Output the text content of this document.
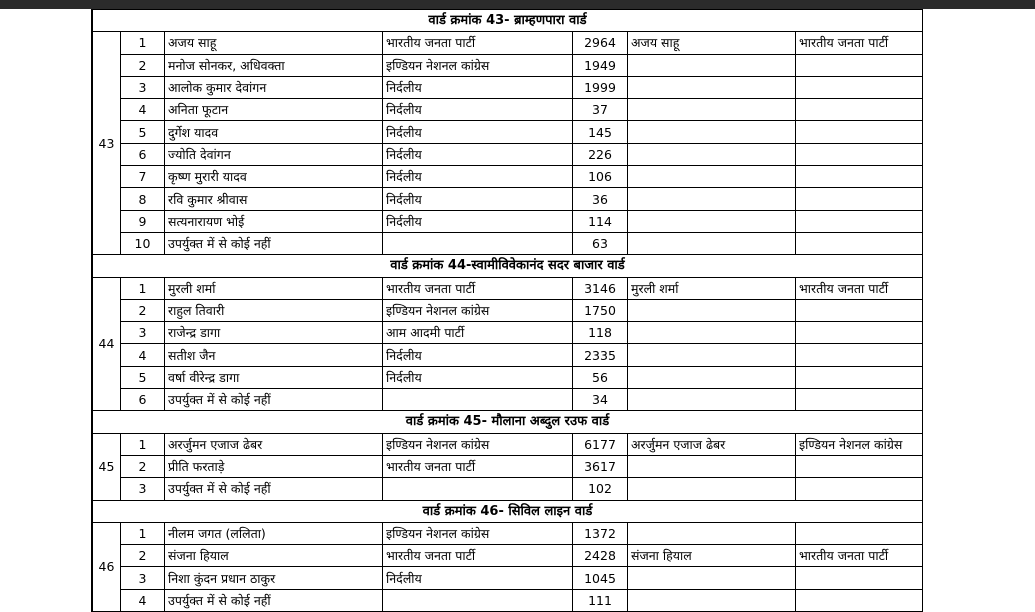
वार्ड क्रमांक 43- ब्राम्हणपारा वार्ड						
43	1	अजय साहू	भारतीय जनता पार्टी	2964	अजय साहू	भारतीय जनता पार्टी
	2	मनोज सोनकर, अधिवक्ता	इण्डियन नेशनल कांग्रेस	1949		
	3	आलोक कुमार देवांगन	निर्दलीय	1999		
	4	अनिता फूटान	निर्दलीय	37		
	5	दुर्गेश यादव	निर्दलीय	145		
	6	ज्योति देवांगन	निर्दलीय	226		
	7	कृष्ण मुरारी यादव	निर्दलीय	106		
	8	रवि कुमार श्रीवास	निर्दलीय	36		
	9	सत्यनारायण भोई	निर्दलीय	114		
	10	उपर्युक्त में से कोई नहीं		63		
वार्ड क्रमांक 44-स्वामीविवेकानंद सदर बाजार वार्ड						
44	1	मुरली शर्मा	भारतीय जनता पार्टी	3146	मुरली शर्मा	भारतीय जनता पार्टी
	2	राहुल तिवारी	इण्डियन नेशनल कांग्रेस	1750		
	3	राजेन्द्र डागा	आम आदमी पार्टी	118		
	4	सतीश जैन	निर्दलीय	2335		
	5	वर्षा वीरेन्द्र डागा	निर्दलीय	56		
	6	उपर्युक्त में से कोई नहीं		34		
वार्ड क्रमांक 45- मौलाना अब्दुल रउफ वार्ड						
45	1	अरर्जुमन एजाज ढेबर	इण्डियन नेशनल कांग्रेस	6177	अरर्जुमन एजाज ढेबर	इण्डियन नेशनल कांग्रेस
	2	प्रीति फरताड़े	भारतीय जनता पार्टी	3617		
	3	उपर्युक्त में से कोई नहीं		102		
वार्ड क्रमांक 46- सिविल लाइन वार्ड						
46	1	नीलम जगत (ललिता)	इण्डियन नेशनल कांग्रेस	1372		
	2	संजना हियाल	भारतीय जनता पार्टी	2428	संजना हियाल	भारतीय जनता पार्टी
	3	निशा कुंदन प्रधान ठाकुर	निर्दलीय	1045		
	4	उपर्युक्त में से कोई नहीं		111		
